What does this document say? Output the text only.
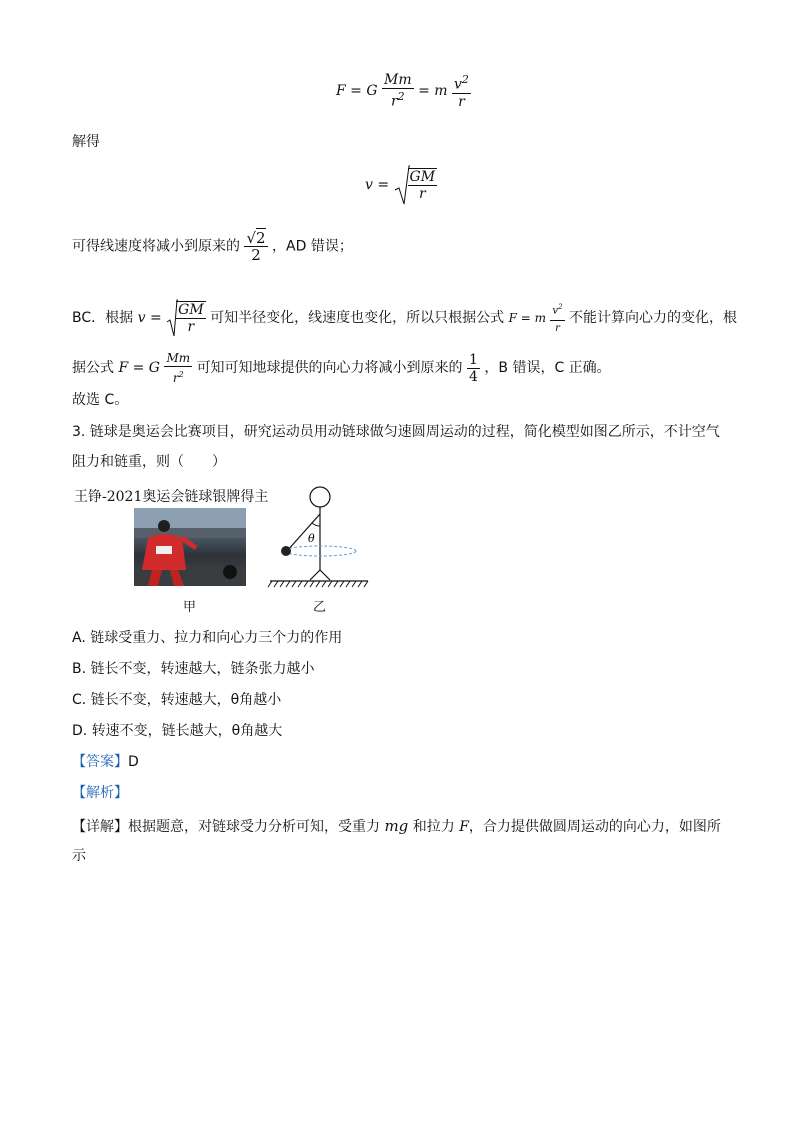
F = G $\frac{Mm}{r^2} = m \frac{v^2}{r}$
解得
$v = \frac{GM}{r}$
可得线速度将减小到原来的 $\frac{√2}{2}$ ，AD 错误；
BC．根据 $v = \frac{GM}{r}$ 可知半径变化，线速度也变化，所以只根据公式 F = m $\frac{v^2}{r}$ 不能计算向心力的变化，根
据公式 F = G $\frac{Mm}{r^2}$ 可知可知地球提供的向心力将减小到原来的 $\frac{1}{4}$ ，B 错误，C 正确。
故选 C。
3. 链球是奥运会比赛项目，研究运动员用动链球做匀速圆周运动的过程，简化模型如图乙所示，不计空气
阻力和链重，则（　　）
王铮-2021奥运会链球银牌得主
θ
甲	乙
A. 链球受重力、拉力和向心力三个力的作用
B. 链长不变，转速越大，链条张力越小
C. 链长不变，转速越大，θ角越小
D. 转速不变，链长越大，θ角越大
【答案】D
【解析】
【详解】根据题意，对链球受力分析可知，受重力 mg 和拉力 F，合力提供做圆周运动的向心力，如图所
示
